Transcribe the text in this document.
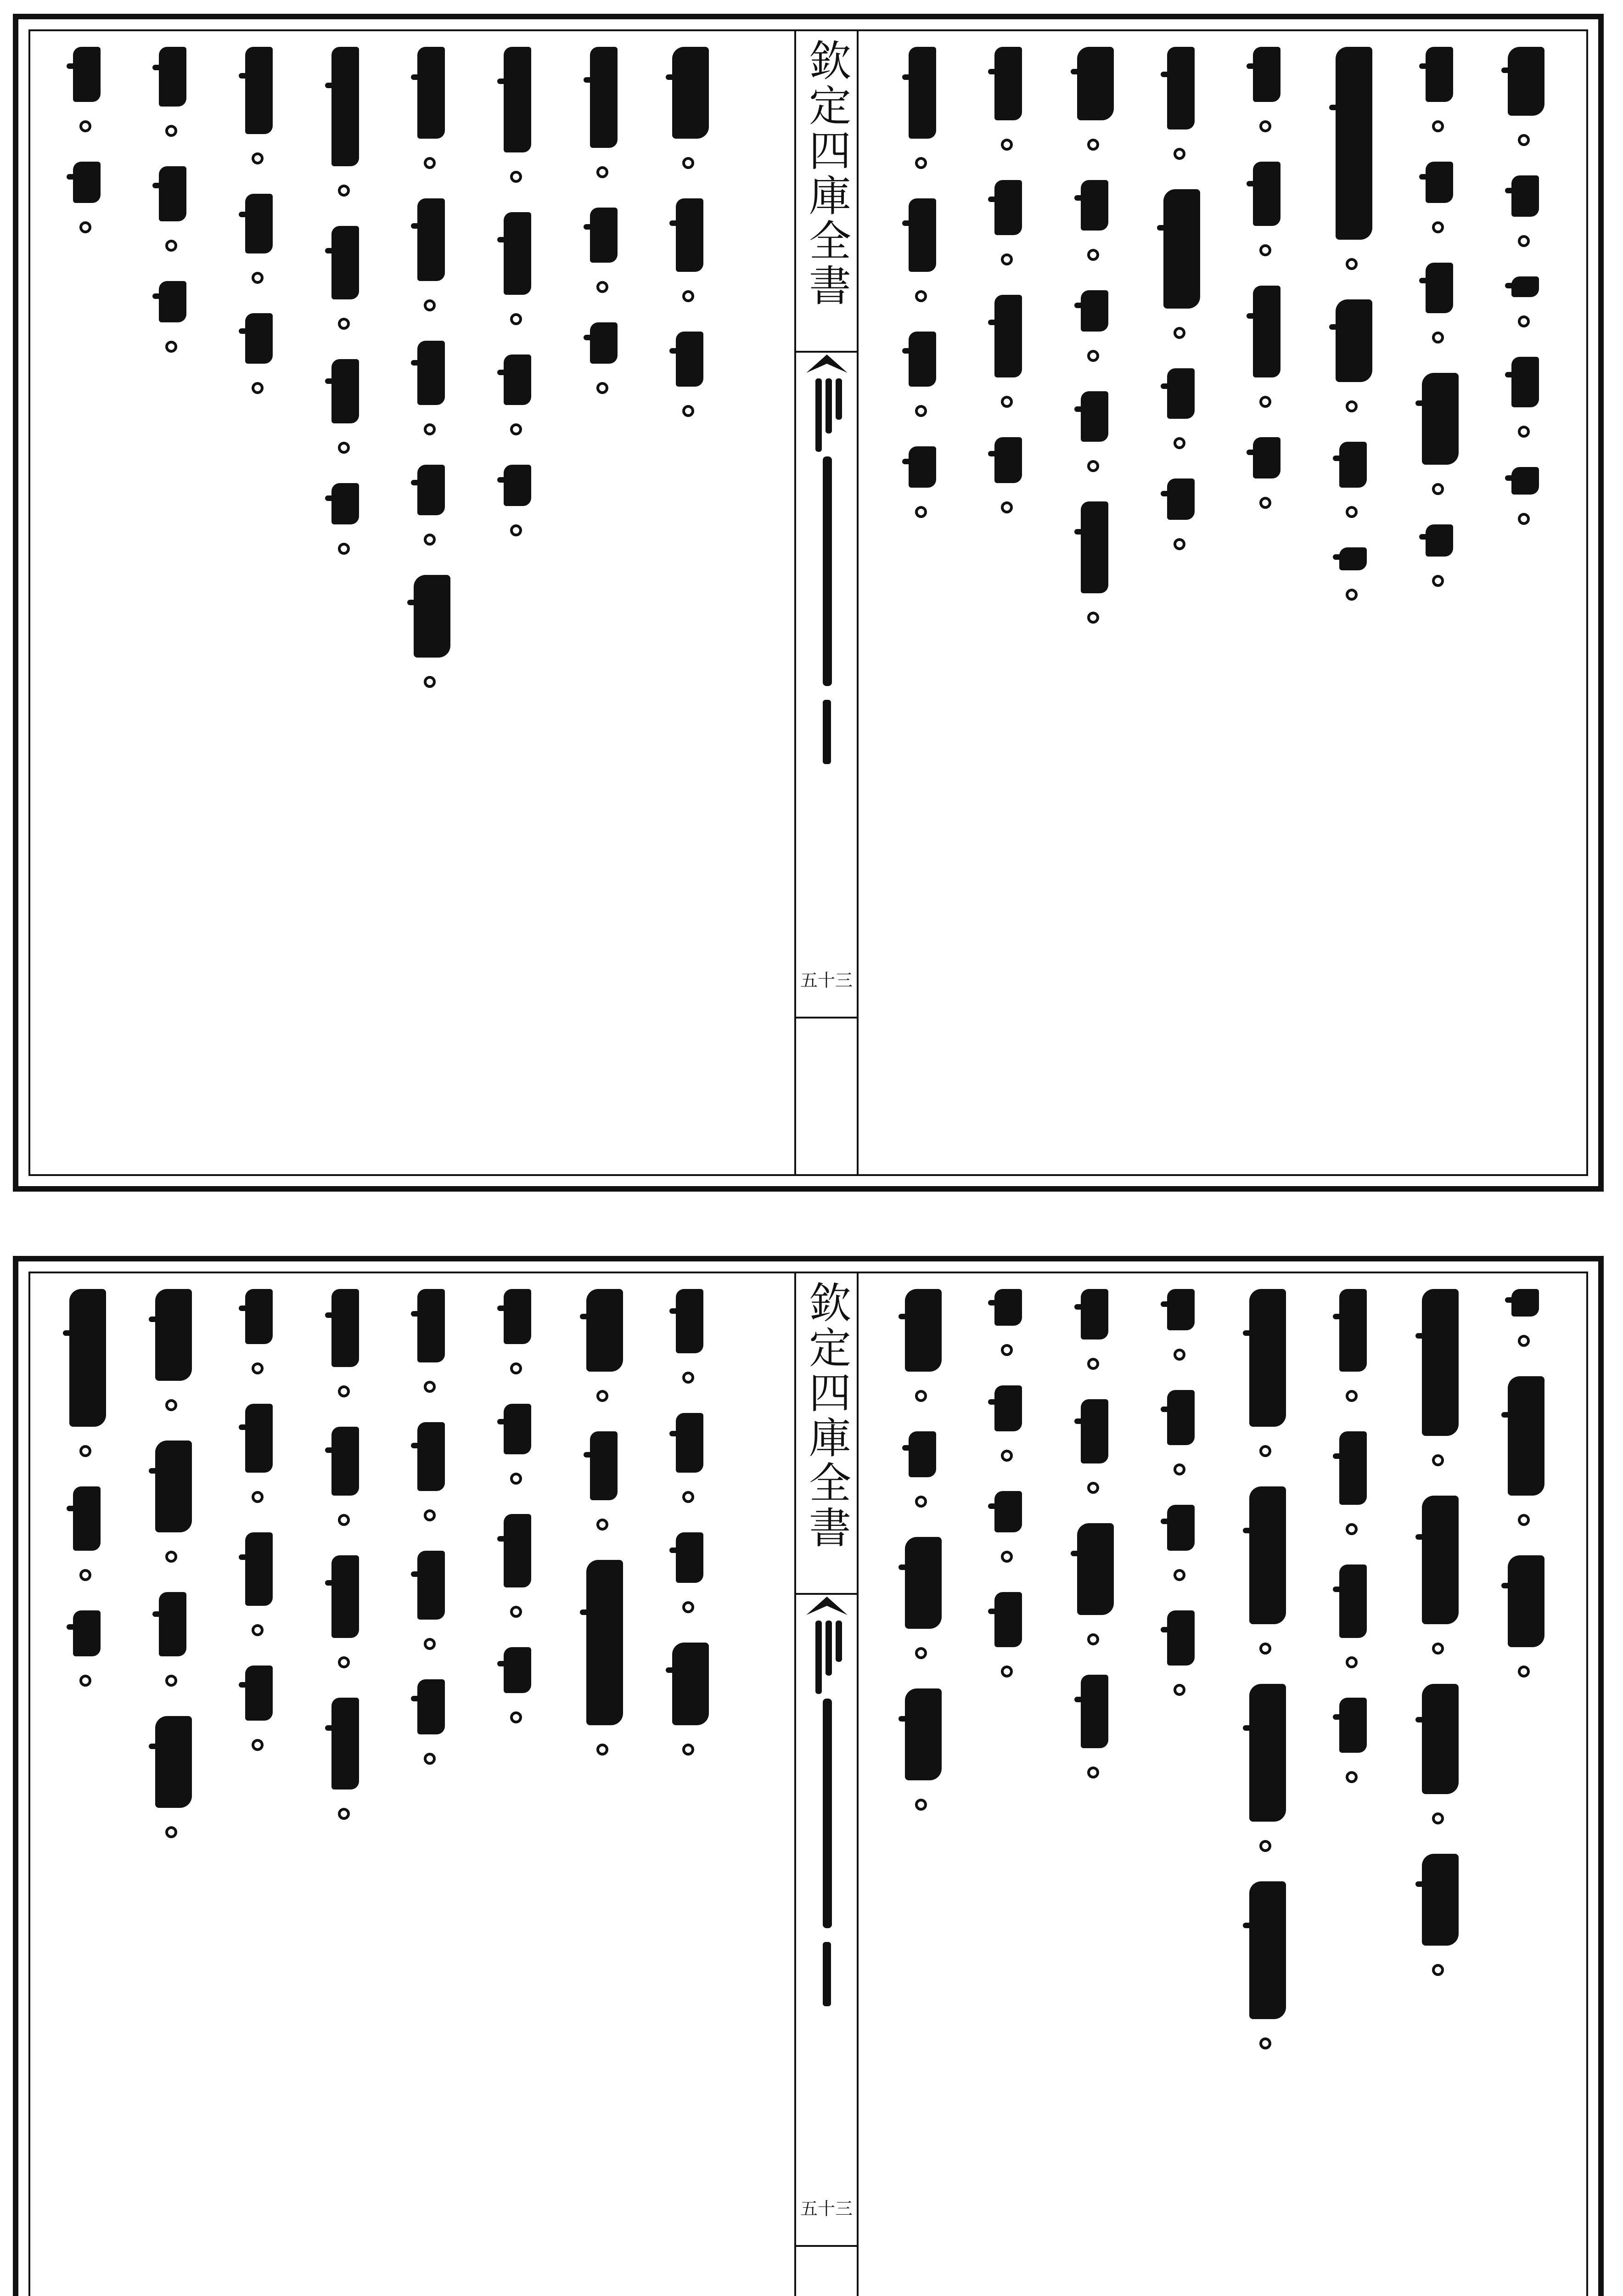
欽定四庫全書
五十三
欽定四庫全書
五十三
